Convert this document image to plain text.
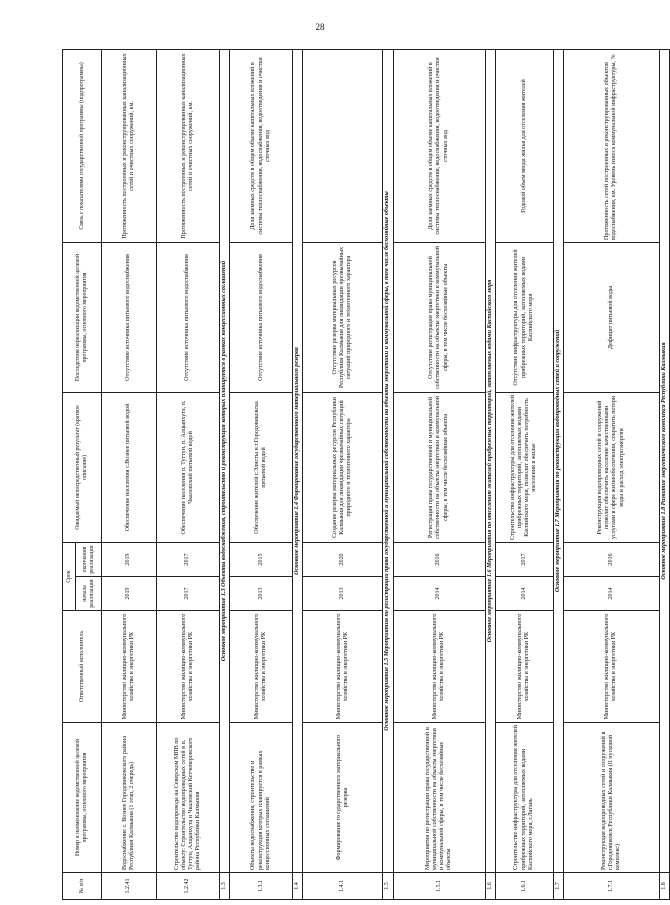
28
№ п/п	Номер и наименование ведомственной целевой программы, основного мероприятия	Ответственный исполнитель	Срок		Ожидаемый непосредственный результат (краткое описание)	Последствия нереализации ведомственной целевой программы, основного мероприятия	Связь с показателями государственной программы (подпрограммы)
			начала реализации	окончания реализации			
1.2.41	Водоснабжение с. Вознее Городовиковского района Республики Калмыкия (1 этап, 2 очередь)	Министерство жилищно-коммунального хозяйства и энергетики РК	2019	2019	Обеспечение населения с.Вознее питьевой водой	Отсутствие источника питьевого водоснабжения	Протяженность построенных и реконструированных канализационных сетей и очистных сооружений, км.
1.2.42	Строительство водопровода на Северском МПВ по объекту: Строительство водопроводных сетей в п. Тугтун, Алцынхута и Чкаловский Кетченеровского района Республики Калмыкия	Министерство жилищно-коммунального хозяйства и энергетики РК	2017	2017	Обеспечение населения п. Тугтун, п. Алцынхута, п. Чкаловский питьевой водой	Отсутствие источника питьевого водоснабжения	Протяженность построенных и реконструированных канализационных сетей и очистных сооружений, км.
1.3	Основное мероприятие 1.3 Объекты водоснабжения, строительство и реконструкция которых планируется в рамках концессионных соглашений						
1.3.1	Объекты водоснабжения, строительство и реконструкция которых планируется в рамках концессионных соглашений	Министерство жилищно-коммунального хозяйства и энергетики РК	2013	2015	Обеспечение жителей г.Элисты и г.Городовиковска питьевой водой	Отсутствие источника питьевого водоснабжения	Доля заемных средств в общем объеме капитальных вложений в системы теплоснабжения, водоснабжения, водоотведения и очистки сточных вод
1.4	Основное мероприятие 1.4 Формирование государственного материального резерва						
1.4.1	Формирование государственного материального резерва	Министерство жилищно-коммунального хозяйства и энергетики РК	2013	2020	Создание резерва материальных ресурсов Республики Калмыкия для ликвидации чрезвычайных ситуаций природного и техногенного характера	Отсутствие резерва материальных ресурсов Республики Калмыкия для ликвидации чрезвычайных ситуаций природного и техногенного характера	
1.5	Основное мероприятие 1.5 Мероприятия по регистрации права государственной и муниципальной собственности на объекты энергетики и коммунальной сферы, в том числе бесхозяйные объекты						
1.5.1	Мероприятия по регистрации права государственной и муниципальной собственности на объекты энергетики и коммунальной сферы, в том числе бесхозяйные объекты	Министерство жилищно-коммунального хозяйства и энергетики РК	2014	2016	Регистрация права государственной и муниципальной собственности на объекты энергетики и коммунальной сферы, в том числе бесхозяйные объекты	Отсутствие регистрации права муниципальной собственности на объекты энергетики и коммунальной сферы, в том числе бесхозяйные объекты	Доля заемных средств в общем объеме капитальных вложений в системы теплоснабжения, водоснабжения, водоотведения и очистки сточных вод
1.6	Основное мероприятие 1.6 Мероприятия по отселению жителей прибрежных территорий, затопляемых водами Каспийского моря						
1.6.1	Строительство инфраструктуры для отселения жителей прибрежных территорий, затопляемых водами Каспийского моря, г.Лагань	Министерство жилищно-коммунального хозяйства и энергетики РК	2014	2017	Строительство инфраструктуры для отселения жителей прибрежных территорий, затопляемых водами Каспийского моря, позволит обеспечить потребность населения в жилье	Отсутствие инфраструктуры для отселения жителей прибрежных территорий, затопляемых водами Каспийского моря	Годовой объем ввода жилья для отселения жителей
1.7	Основное мероприятие 1.7 Мероприятия по реконструкции водопроводных сетей и сооружений						
1.7.1	Реконструкция водопроводных сетей и сооружений в г.Городовиковск Республики Калмыкия (II пусковой комплекс)	Министерство жилищно-коммунального хозяйства и энергетики РК	2014	2016	Реконструкция водопроводных сетей и сооружений позволит обеспечить население качественными услугами в сфере жизнеобеспечения, сократить потери воды и расход электроэнергии	Дефицит питьевой воды	Протяженность сетей построенных и реконструированных объектов водоснабжения, км. Уровень износа коммунальной инфраструктуры, %
1.8	Основное мероприятие 1.8 Развитие энергетического комплекса Республики Калмыкия						
